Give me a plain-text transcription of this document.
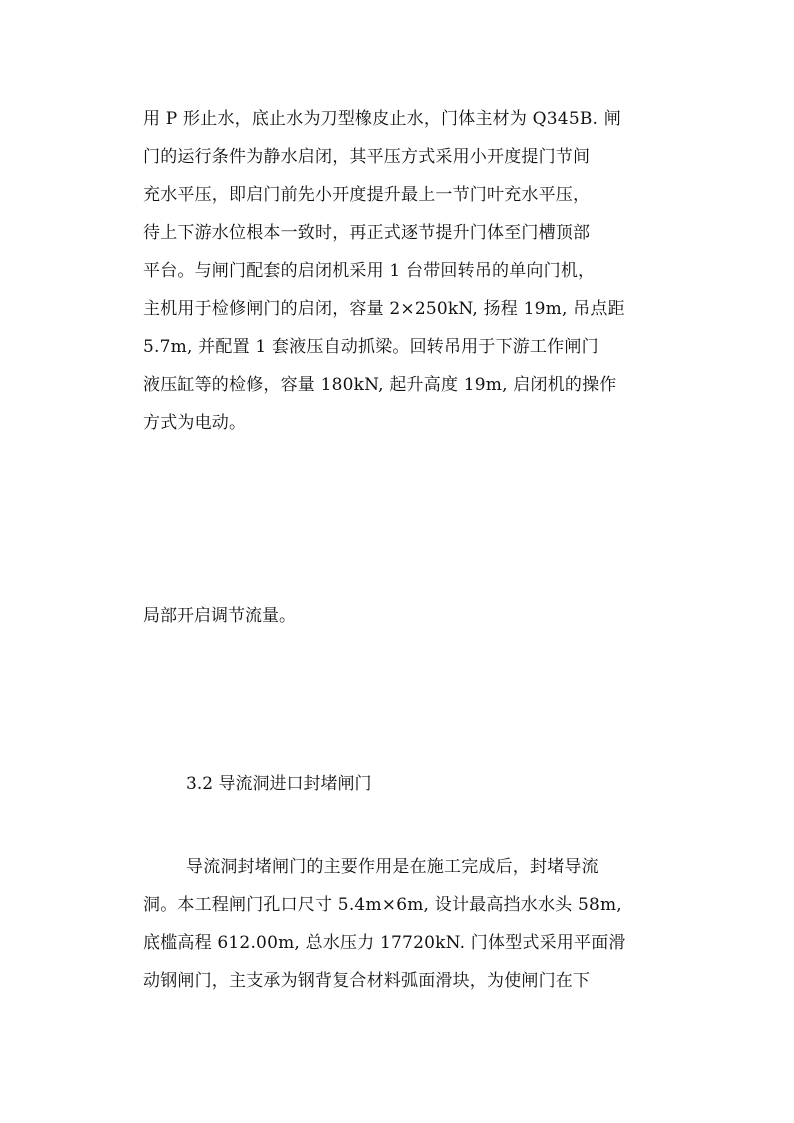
用 P 形止水，底止水为刀型橡皮止水，门体主材为 Q345B. 闸
门的运行条件为静水启闭，其平压方式采用小开度提门节间
充水平压，即启门前先小开度提升最上一节门叶充水平压，
待上下游水位根本一致时，再正式逐节提升门体至门槽顶部
平台。与闸门配套的启闭机采用 1 台带回转吊的单向门机，
主机用于检修闸门的启闭，容量 2×250kN, 扬程 19m, 吊点距
5.7m, 并配置 1 套液压自动抓梁。回转吊用于下游工作闸门
液压缸等的检修，容量 180kN, 起升高度 19m, 启闭机的操作
方式为电动。

局部开启调节流量。

3.2 导流洞进口封堵闸门

导流洞封堵闸门的主要作用是在施工完成后，封堵导流
洞。本工程闸门孔口尺寸 5.4m×6m, 设计最高挡水水头 58m,
底槛高程 612.00m, 总水压力 17720kN. 门体型式采用平面滑
动钢闸门，主支承为钢背复合材料弧面滑块，为使闸门在下
